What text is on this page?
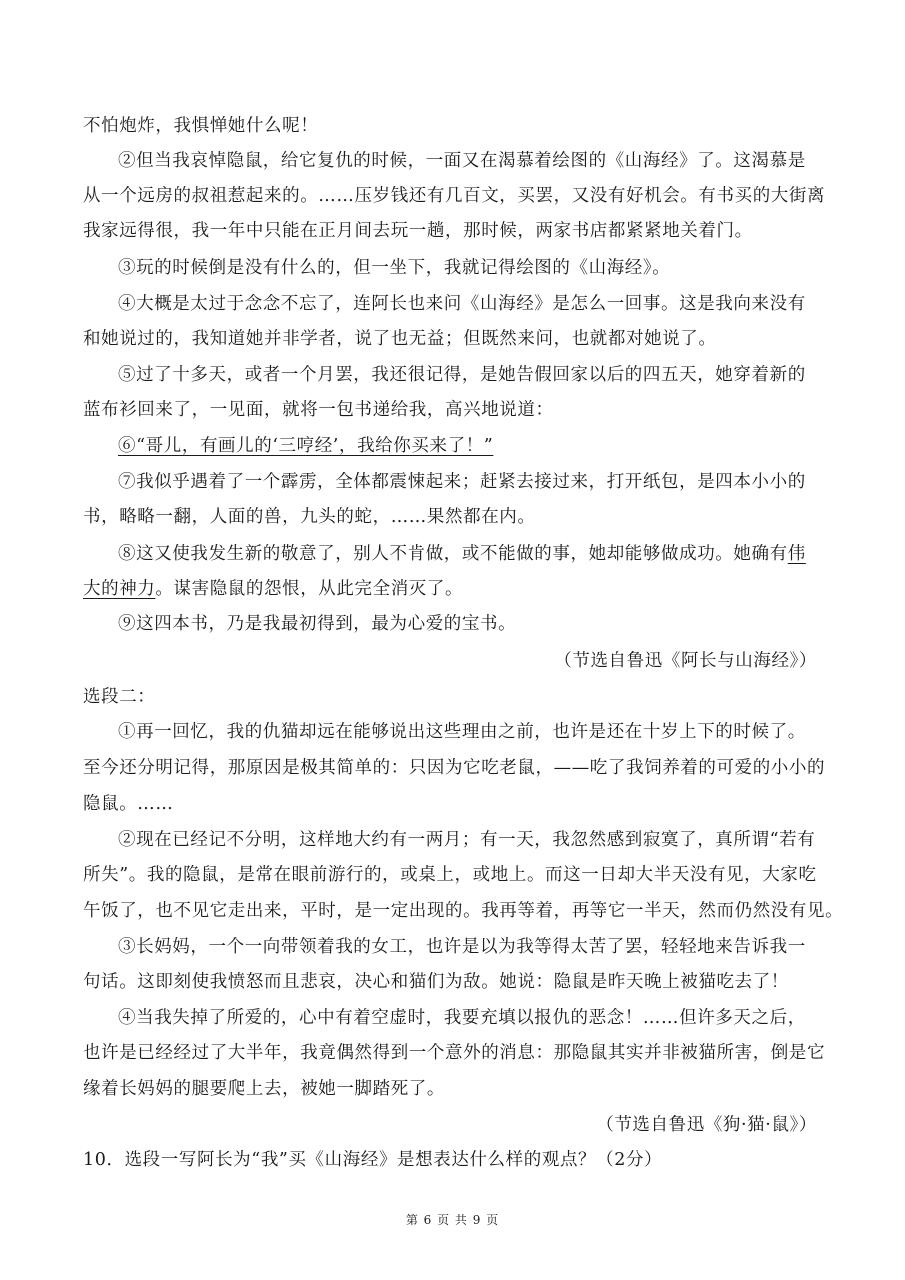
不怕炮炸，我惧惮她什么呢！
②但当我哀悼隐鼠，给它复仇的时候，一面又在渴慕着绘图的《山海经》了。这渴慕是
从一个远房的叔祖惹起来的。……压岁钱还有几百文，买罢，又没有好机会。有书买的大街离
我家远得很，我一年中只能在正月间去玩一趟，那时候，两家书店都紧紧地关着门。
③玩的时候倒是没有什么的，但一坐下，我就记得绘图的《山海经》。
④大概是太过于念念不忘了，连阿长也来问《山海经》是怎么一回事。这是我向来没有
和她说过的，我知道她并非学者，说了也无益；但既然来问，也就都对她说了。
⑤过了十多天，或者一个月罢，我还很记得，是她告假回家以后的四五天，她穿着新的
蓝布衫回来了，一见面，就将一包书递给我，高兴地说道：
⑥“哥儿，有画儿的‘三哼经’，我给你买来了！”
⑦我似乎遇着了一个霹雳，全体都震悚起来；赶紧去接过来，打开纸包，是四本小小的
书，略略一翻，人面的兽，九头的蛇，……果然都在内。
⑧这又使我发生新的敬意了，别人不肯做，或不能做的事，她却能够做成功。她确有伟
大的神力。谋害隐鼠的怨恨，从此完全消灭了。
⑨这四本书，乃是我最初得到，最为心爱的宝书。
（节选自鲁迅《阿长与山海经》）
选段二：
①再一回忆，我的仇猫却远在能够说出这些理由之前，也许是还在十岁上下的时候了。
至今还分明记得，那原因是极其简单的：只因为它吃老鼠，——吃了我饲养着的可爱的小小的
隐鼠。……
②现在已经记不分明，这样地大约有一两月；有一天，我忽然感到寂寞了，真所谓“若有
所失”。我的隐鼠，是常在眼前游行的，或桌上，或地上。而这一日却大半天没有见，大家吃
午饭了，也不见它走出来，平时，是一定出现的。我再等着，再等它一半天，然而仍然没有见。
③长妈妈，一个一向带领着我的女工，也许是以为我等得太苦了罢，轻轻地来告诉我一
句话。这即刻使我愤怒而且悲哀，决心和猫们为敌。她说：隐鼠是昨天晚上被猫吃去了！
④当我失掉了所爱的，心中有着空虚时，我要充填以报仇的恶念！……但许多天之后，
也许是已经经过了大半年，我竟偶然得到一个意外的消息：那隐鼠其实并非被猫所害，倒是它
缘着长妈妈的腿要爬上去，被她一脚踏死了。
（节选自鲁迅《狗·猫·鼠》）
10．选段一写阿长为“我”买《山海经》是想表达什么样的观点？（2分）
第 6 页 共 9 页
